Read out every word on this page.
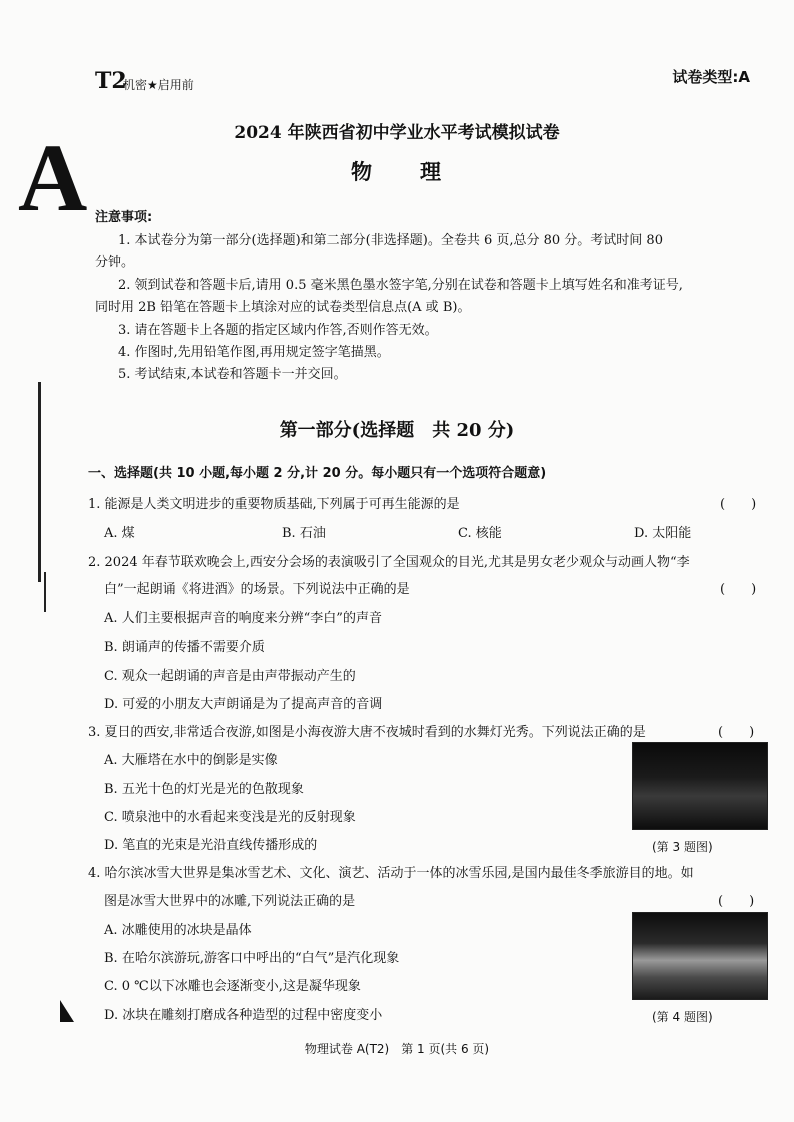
T2
机密★启用前	试卷类型:A
A	2024 年陕西省初中学业水平考试模拟试卷
物　　理
注意事项:
1. 本试卷分为第一部分(选择题)和第二部分(非选择题)。全卷共 6 页,总分 80 分。考试时间 80
分钟。
2. 领到试卷和答题卡后,请用 0.5 毫米黑色墨水签字笔,分别在试卷和答题卡上填写姓名和准考证号,
同时用 2B 铅笔在答题卡上填涂对应的试卷类型信息点(A 或 B)。
3. 请在答题卡上各题的指定区域内作答,否则作答无效。
4. 作图时,先用铅笔作图,再用规定签字笔描黑。
5. 考试结束,本试卷和答题卡一并交回。
第一部分(选择题　共 20 分)
一、选择题(共 10 小题,每小题 2 分,计 20 分。每小题只有一个选项符合题意)
1. 能源是人类文明进步的重要物质基础,下列属于可再生能源的是	(　　)
A. 煤	B. 石油	C. 核能	D. 太阳能
2. 2024 年春节联欢晚会上,西安分会场的表演吸引了全国观众的目光,尤其是男女老少观众与动画人物“李
白”一起朗诵《将进酒》的场景。下列说法中正确的是	(　　)
A. 人们主要根据声音的响度来分辨“李白”的声音
B. 朗诵声的传播不需要介质
C. 观众一起朗诵的声音是由声带振动产生的
D. 可爱的小朋友大声朗诵是为了提高声音的音调
3. 夏日的西安,非常适合夜游,如图是小海夜游大唐不夜城时看到的水舞灯光秀。下列说法正确的是	(　　)
A. 大雁塔在水中的倒影是实像
B. 五光十色的灯光是光的色散现象
C. 喷泉池中的水看起来变浅是光的反射现象
D. 笔直的光束是光沿直线传播形成的	(第 3 题图)
4. 哈尔滨冰雪大世界是集冰雪艺术、文化、演艺、活动于一体的冰雪乐园,是国内最佳冬季旅游目的地。如
图是冰雪大世界中的冰雕,下列说法正确的是	(　　)
A. 冰雕使用的冰块是晶体
B. 在哈尔滨游玩,游客口中呼出的“白气”是汽化现象
C. 0 ℃以下冰雕也会逐渐变小,这是凝华现象
D. 冰块在雕刻打磨成各种造型的过程中密度变小	(第 4 题图)
物理试卷 A(T2)　第 1 页(共 6 页)
